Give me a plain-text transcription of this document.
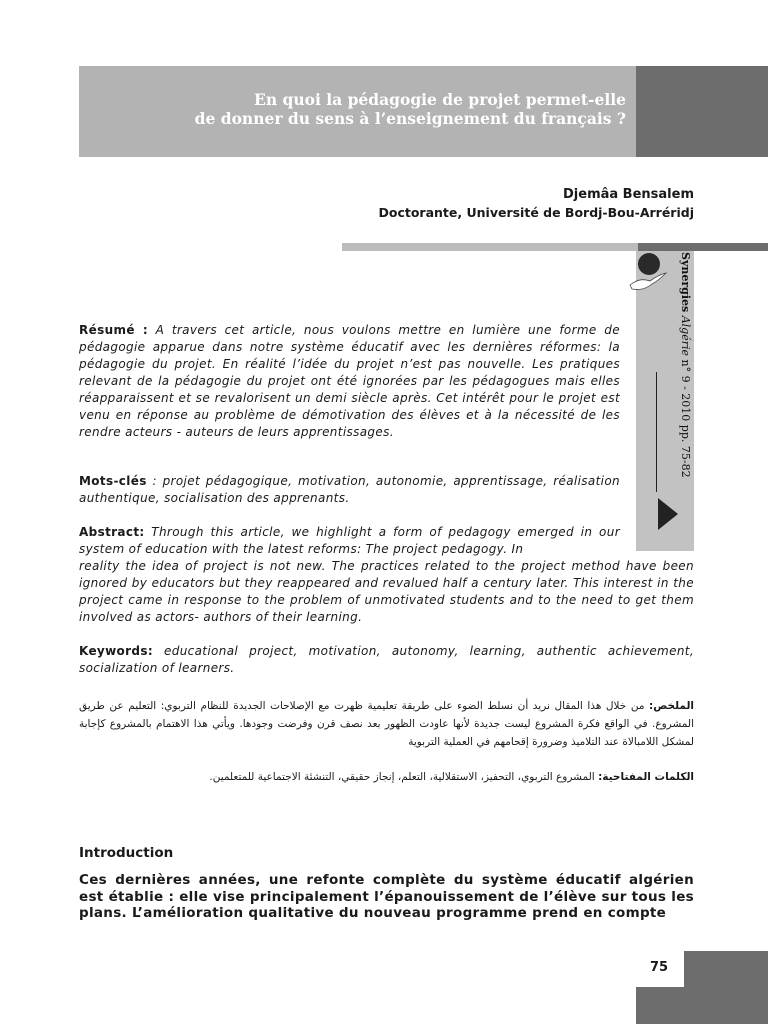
En quoi la pédagogie de projet permet-elle
de donner du sens à l’enseignement du français ?
Djemâa Bensalem
Doctorante, Université de Bordj-Bou-Arréridj
Synergies Algérie n° 9 - 2010 pp. 75-82
Résumé : A travers cet article, nous voulons mettre en lumière une forme de pédagogie apparue dans notre système éducatif avec les dernières réformes: la pédagogie du projet. En réalité l’idée du projet n’est pas nouvelle. Les pratiques relevant de la pédagogie du projet ont été ignorées par les pédagogues mais elles réapparaissent et se revalorisent un demi siècle après. Cet intérêt pour le projet est venu en réponse au problème de démotivation des élèves et à la nécessité de les rendre acteurs - auteurs de leurs apprentissages.
Mots-clés : projet pédagogique, motivation, autonomie, apprentissage, réalisation authentique, socialisation des apprenants.
Abstract: Through this article, we highlight a form of pedagogy emerged in our system of education with the latest reforms: The project pedagogy. In
reality the idea of project is not new. The practices related to the project method have been ignored by educators but they reappeared and revalued half a century later. This interest in the project came in response to the problem of unmotivated students and to the need to get them involved as actors- authors of their learning.
Keywords: educational project, motivation, autonomy, learning, authentic achievement, socialization of learners.
الملخص: من خلال هذا المقال نريد أن نسلط الضوء على طريقة تعليمية ظهرت مع الإصلاحات الجديدة للنظام التربوي: التعليم عن طريق المشروع. في الواقع فكرة المشروع ليست جديدة لأنها عاودت الظهور بعد نصف قرن وفرضت وجودها. ويأتي هذا الاهتمام بالمشروع كإجابة لمشكل اللامبالاة عند التلاميذ وضرورة إقحامهم في العملية التربوية
الكلمات المفتاحية: المشروع التربوي، التحفيز، الاستقلالية، التعلم، إنجاز حقيقي، التنشئة الاجتماعية للمتعلمين.
Introduction
Ces dernières années, une refonte complète du système éducatif algérien est établie : elle vise principalement l’épanouissement de l’élève sur tous les plans. L’amélioration qualitative du nouveau programme prend en compte
75
